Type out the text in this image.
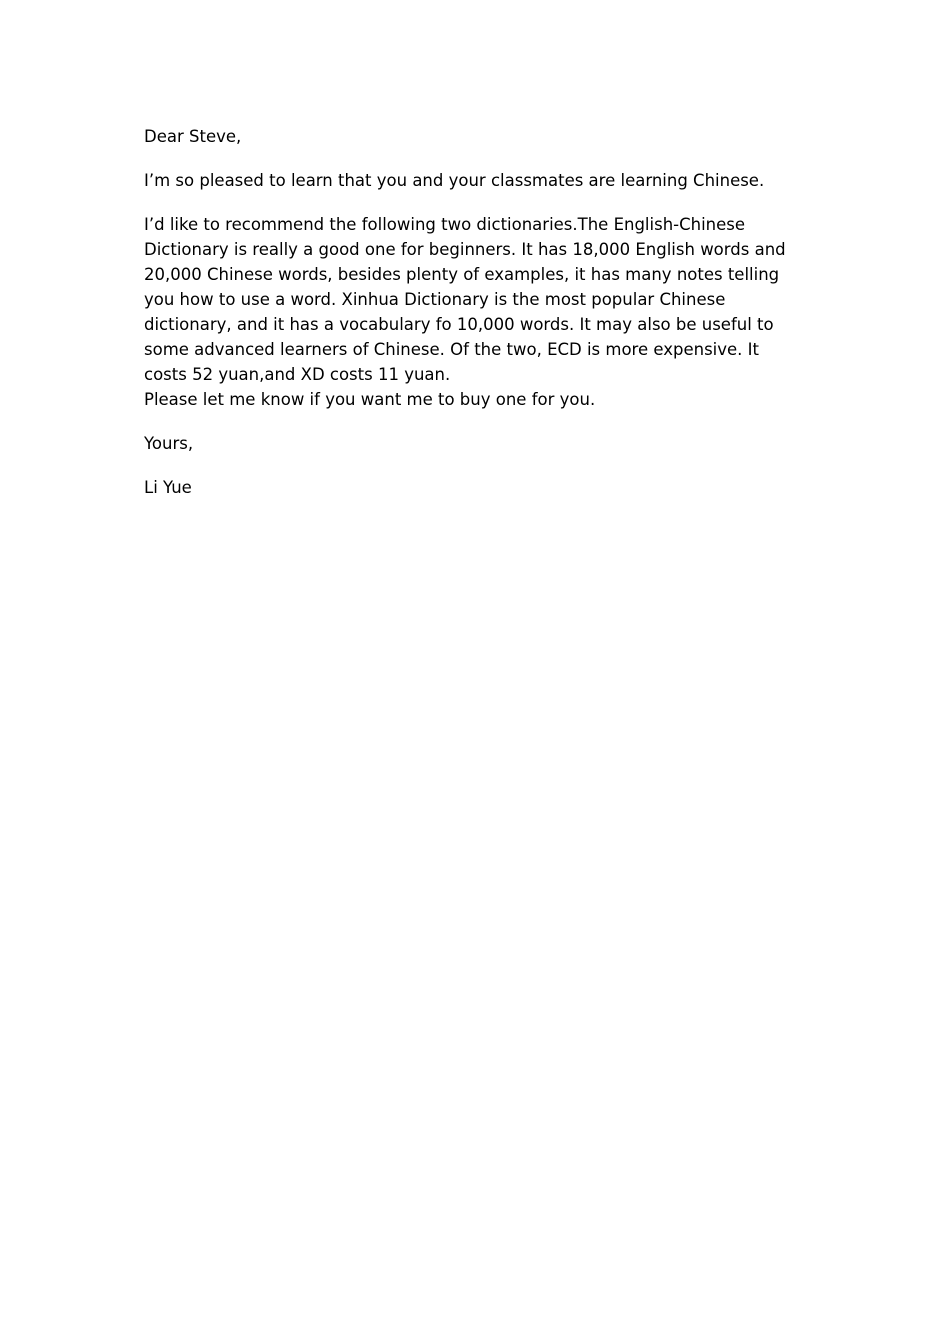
Dear Steve,

I’m so pleased to learn that you and your classmates are learning Chinese.

I’d like to recommend the following two dictionaries.The English-Chinese
Dictionary is really a good one for beginners. It has 18,000 English words and
20,000 Chinese words, besides plenty of examples, it has many notes telling
you how to use a word. Xinhua Dictionary is the most popular Chinese
dictionary, and it has a vocabulary fo 10,000 words. It may also be useful to
some advanced learners of Chinese. Of the two, ECD is more expensive. It
costs 52 yuan,and XD costs 11 yuan.
Please let me know if you want me to buy one for you.

Yours,

Li Yue
